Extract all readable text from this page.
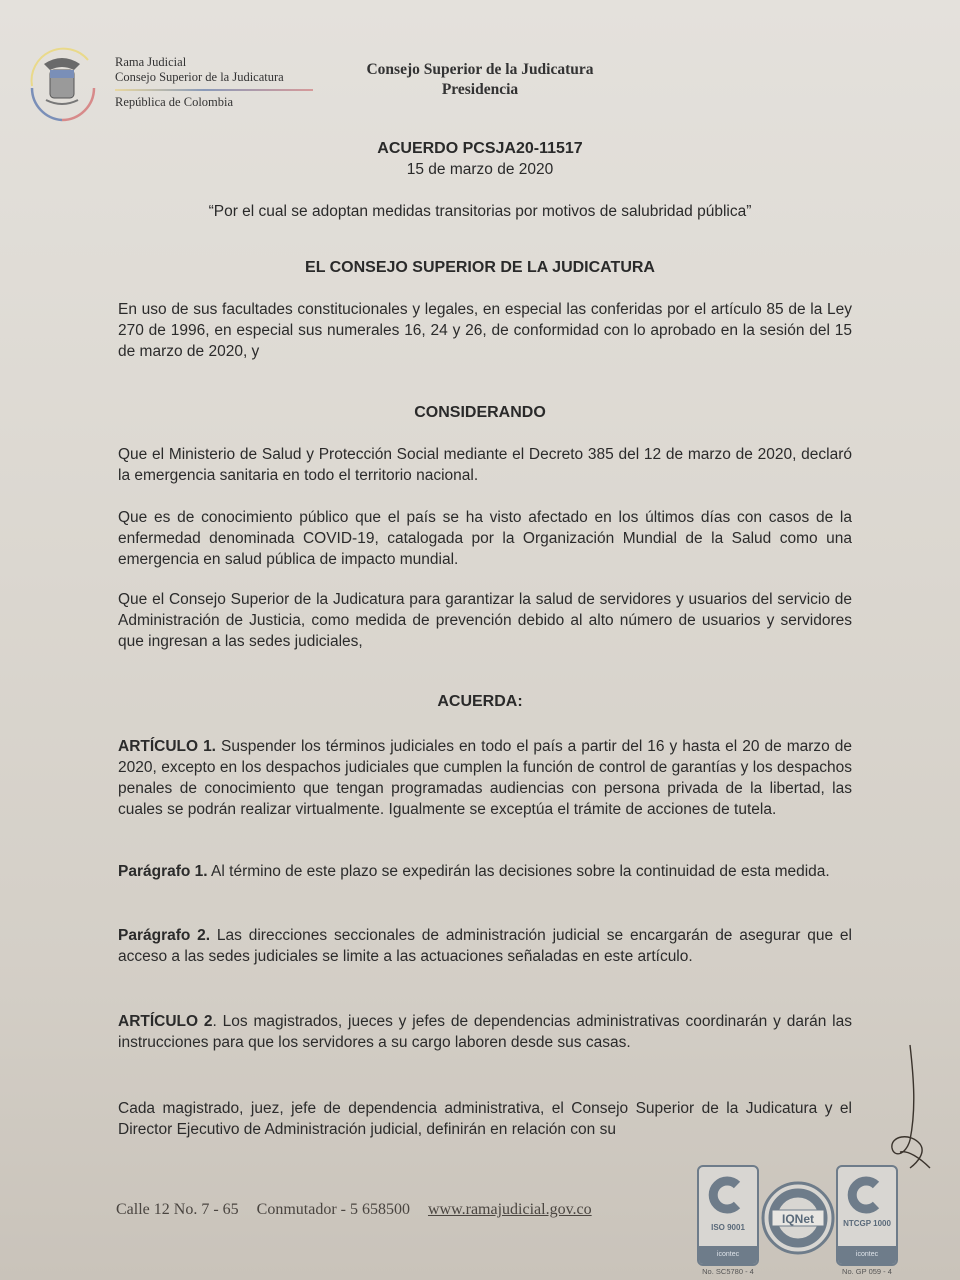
Rama Judicial
Consejo Superior de la Judicatura
República de Colombia
Consejo Superior de la Judicatura
Presidencia
ACUERDO PCSJA20-11517
15 de marzo de 2020
“Por el cual se adoptan medidas transitorias por motivos de salubridad pública”
EL CONSEJO SUPERIOR DE LA JUDICATURA
En uso de sus facultades constitucionales y legales, en especial las conferidas por el artículo 85 de la Ley 270 de 1996, en especial sus numerales 16, 24 y 26, de conformidad con lo aprobado en la sesión del 15 de marzo de 2020, y
CONSIDERANDO
Que el Ministerio de Salud y Protección Social mediante el Decreto 385 del 12 de marzo de 2020, declaró la emergencia sanitaria en todo el territorio nacional.
Que es de conocimiento público que el país se ha visto afectado en los últimos días con casos de la enfermedad denominada COVID-19, catalogada por la Organización Mundial de la Salud como una emergencia en salud pública de impacto mundial.
Que el Consejo Superior de la Judicatura para garantizar la salud de servidores y usuarios del servicio de Administración de Justicia, como medida de prevención debido al alto número de usuarios y servidores que ingresan a las sedes judiciales,
ACUERDA:
ARTÍCULO 1. Suspender los términos judiciales en todo el país a partir del 16 y hasta el 20 de marzo de 2020, excepto en los despachos judiciales que cumplen la función de control de garantías y los despachos penales de conocimiento que tengan programadas audiencias con persona privada de la libertad, las cuales se podrán realizar virtualmente. Igualmente se exceptúa el trámite de acciones de tutela.
Parágrafo 1. Al término de este plazo se expedirán las decisiones sobre la continuidad de esta medida.
Parágrafo 2. Las direcciones seccionales de administración judicial se encargarán de asegurar que el acceso a las sedes judiciales se limite a las actuaciones señaladas en este artículo.
ARTÍCULO 2. Los magistrados, jueces y jefes de dependencias administrativas coordinarán y darán las instrucciones para que los servidores a su cargo laboren desde sus casas.
Cada magistrado, juez, jefe de dependencia administrativa, el Consejo Superior de la Judicatura y el Director Ejecutivo de Administración judicial, definirán en relación con su
Calle 12 No. 7 - 65 Conmutador - 5 658500 www.ramajudicial.gov.co
ISO 9001
icontec
No. SC5780 - 4
IQNet	NTCGP 1000
icontec
No. GP 059 - 4
